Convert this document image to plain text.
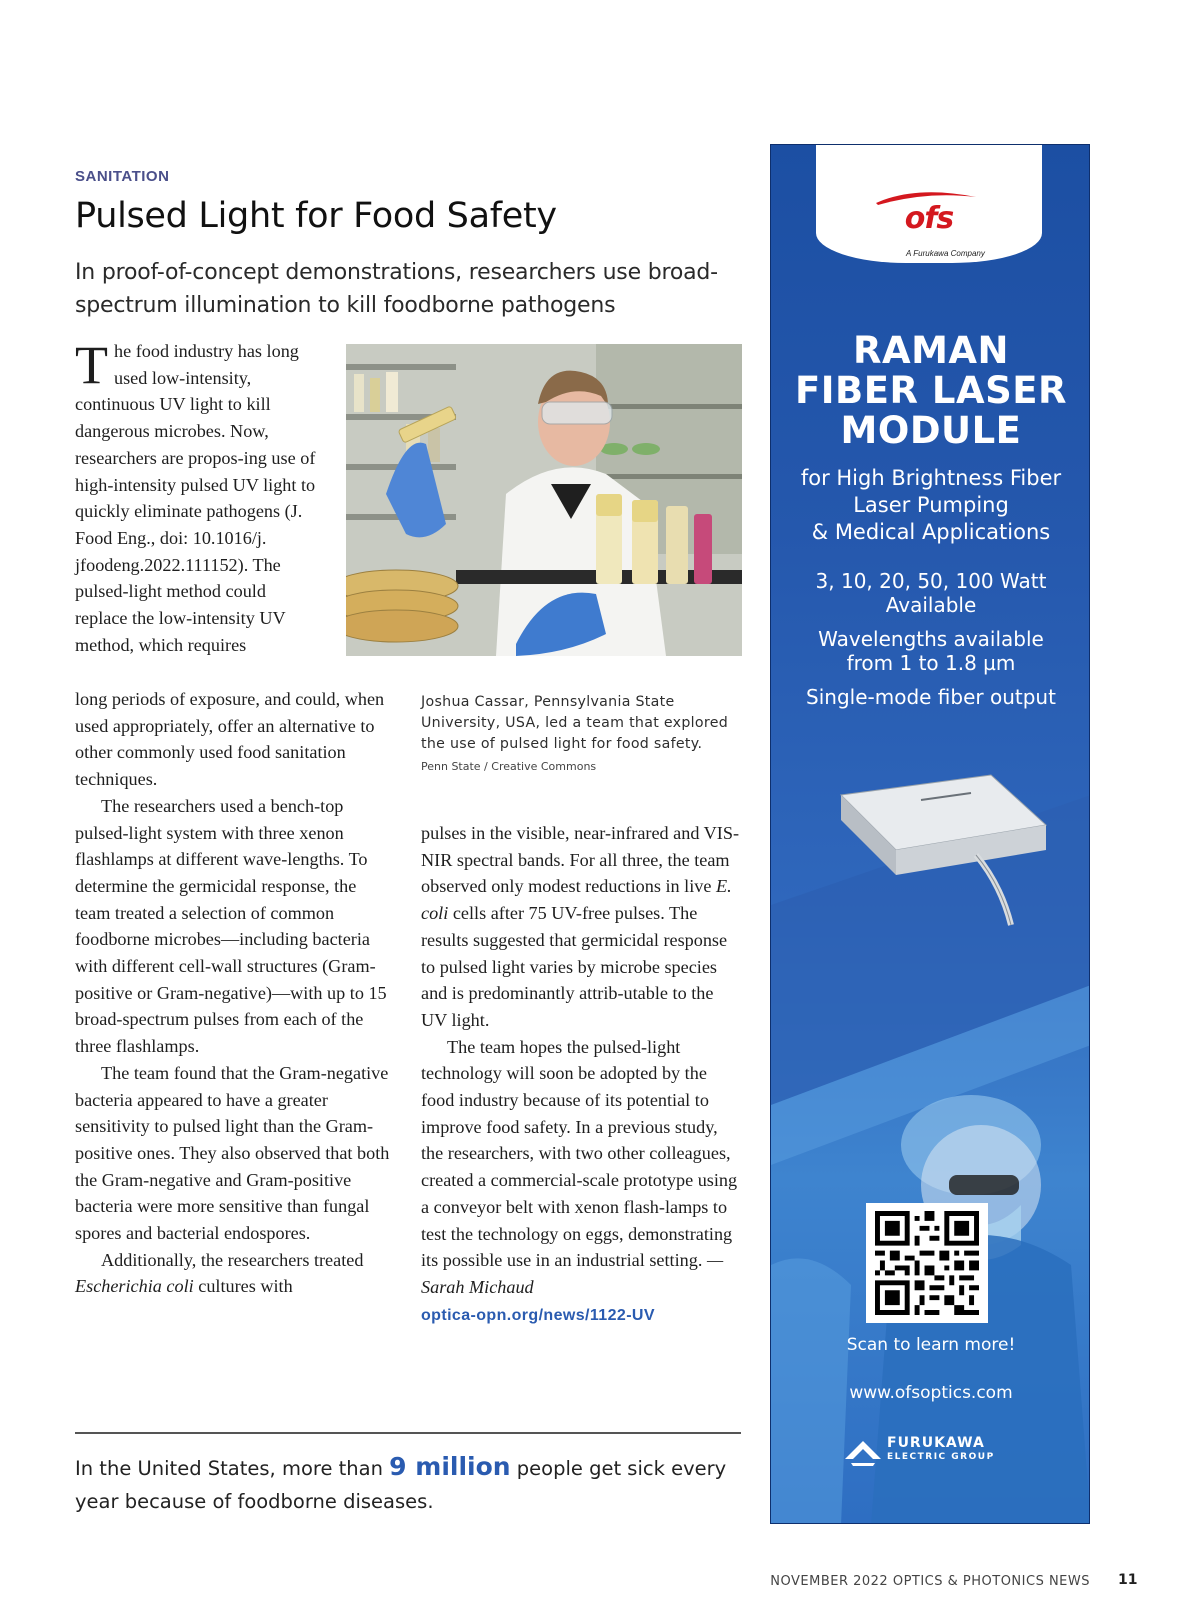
SANITATION
Pulsed Light for Food Safety
In proof-of-concept demonstrations, researchers use broad-spectrum illumination to kill foodborne pathogens

The food industry has long used low-intensity, continuous UV light to kill dangerous microbes. Now, researchers are propos-ing use of high-intensity pulsed UV light to quickly eliminate pathogens (J. Food Eng., doi: 10.1016/j. jfoodeng.2022.111152). The pulsed-light method could replace the low-intensity UV method, which requires

long periods of exposure, and could, when used appropriately, offer an alternative to other commonly used food sanitation techniques.

The researchers used a bench-top pulsed-light system with three xenon flashlamps at different wave-lengths. To determine the germicidal response, the team treated a selection of common foodborne microbes—including bacteria with different cell-wall structures (Gram-positive or Gram-negative)—with up to 15 broad-spectrum pulses from each of the three flashlamps.

The team found that the Gram-negative bacteria appeared to have a greater sensitivity to pulsed light than the Gram-positive ones. They also observed that both the Gram-negative and Gram-positive bacteria were more sensitive than fungal spores and bacterial endospores.

Additionally, the researchers treated Escherichia coli cultures with

Joshua Cassar, Pennsylvania State University, USA, led a team that explored the use of pulsed light for food safety.
Penn State / Creative Commons

pulses in the visible, near-infrared and VIS-NIR spectral bands. For all three, the team observed only modest reductions in live E. coli cells after 75 UV-free pulses. The results suggested that germicidal response to pulsed light varies by microbe species and is predominantly attrib-utable to the UV light.

The team hopes the pulsed-light technology will soon be adopted by the food industry because of its potential to improve food safety. In a previous study, the researchers, with two other colleagues, created a commercial-scale prototype using a conveyor belt with xenon flash-lamps to test the technology on eggs, demonstrating its possible use in an industrial setting. —Sarah Michaud

optica-opn.org/news/1122-UV

In the United States, more than 9 million people get sick every year because of foodborne diseases.
NOVEMBER 2022 OPTICS & PHOTONICS NEWS 11
ofs
A Furukawa Company
RAMAN
FIBER LASER
MODULE
for High Brightness Fiber
Laser Pumping
& Medical Applications
3, 10, 20, 50, 100 Watt
Available
Wavelengths available
from 1 to 1.8 µm
Single-mode fiber output
Scan to learn more!
www.ofsoptics.com
FURUKAWA
ELECTRIC GROUP
